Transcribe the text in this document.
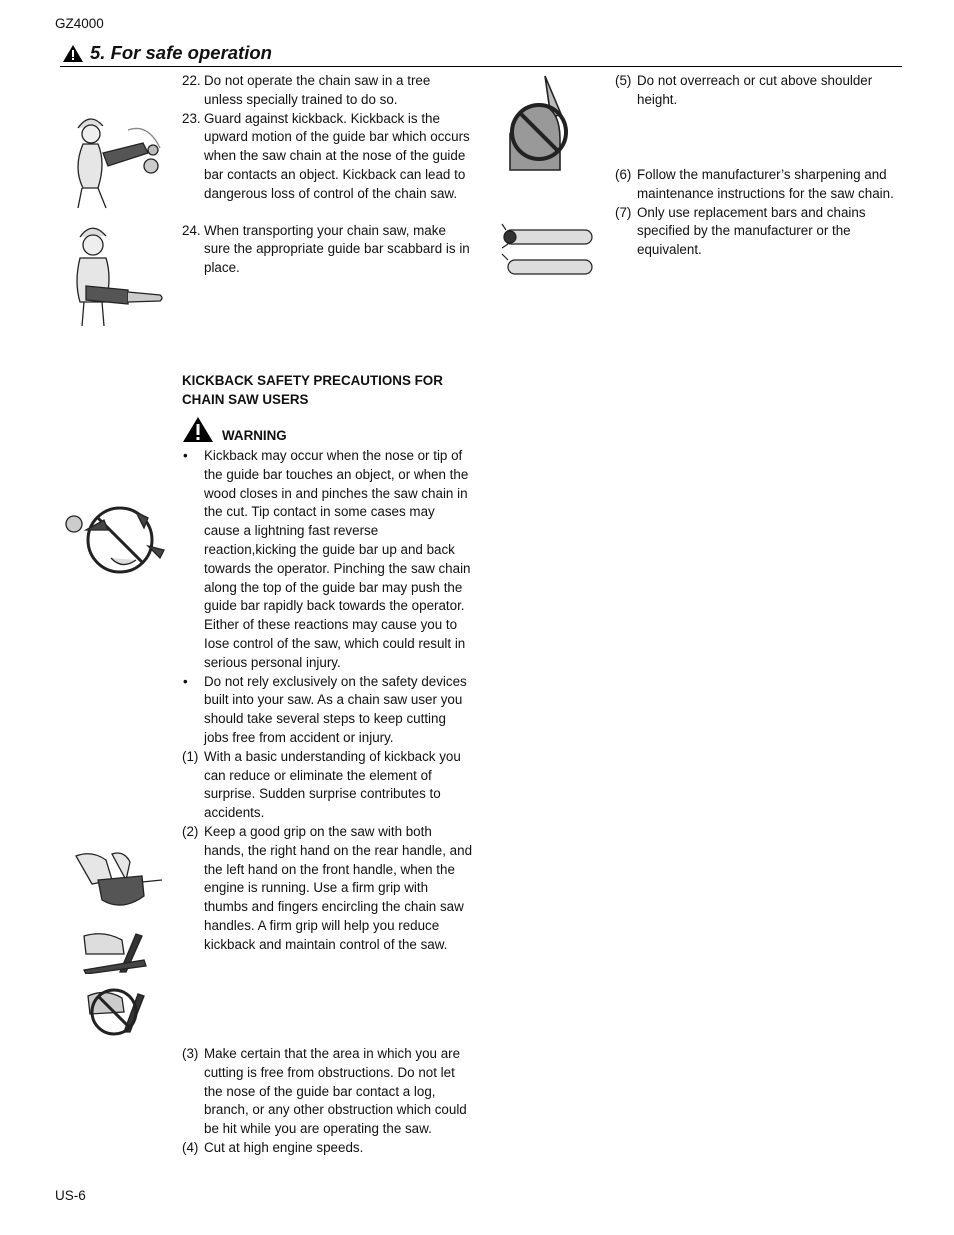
GZ4000
5. For safe operation
22. Do not operate the chain saw in a tree unless specially trained to do so.
23. Guard against kickback. Kickback is the upward motion of the guide bar which occurs when the saw chain at the nose of the guide bar contacts an object. Kickback can lead to dangerous loss of control of the chain saw.
24. When transporting your chain saw, make sure the appropriate guide bar scabbard is in place.
KICKBACK SAFETY PRECAUTIONS FOR CHAIN SAW USERS
WARNING
• Kickback may occur when the nose or tip of the guide bar touches an object, or when the wood closes in and pinches the saw chain in the cut. Tip contact in some cases may cause a lightning fast reverse reaction,kicking the guide bar up and back towards the operator. Pinching the saw chain along the top of the guide bar may push the guide bar rapidly back towards the operator. Either of these reactions may cause you to Iose control of the saw, which could result in serious personal injury.
• Do not rely exclusively on the safety devices built into your saw. As a chain saw user you should take several steps to keep cutting jobs free from accident or injury.
(1) With a basic understanding of kickback you can reduce or eliminate the element of surprise. Sudden surprise contributes to accidents.
(2) Keep a good grip on the saw with both hands, the right hand on the rear handle, and the left hand on the front handle, when the engine is running. Use a firm grip with thumbs and fingers encircling the chain saw handles. A firm grip will help you reduce kickback and maintain control of the saw.
(3) Make certain that the area in which you are cutting is free from obstructions. Do not let the nose of the guide bar contact a log, branch, or any other obstruction which could be hit while you are operating the saw.
(4) Cut at high engine speeds.
(5) Do not overreach or cut above shoulder height.
(6) Follow the manufacturer’s sharpening and maintenance instructions for the saw chain.
(7) Only use replacement bars and chains specified by the manufacturer or the equivalent.
US-6
